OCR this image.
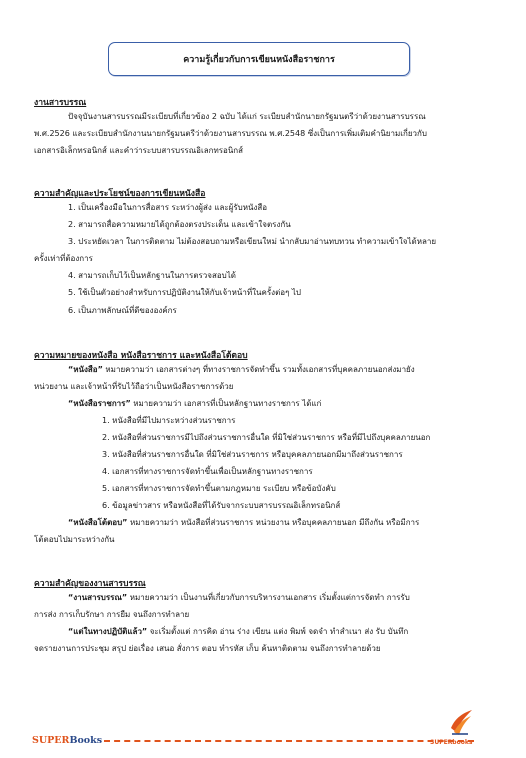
ความรู้เกี่ยวกับการเขียนหนังสือราชการ
งานสารบรรณ
ปัจจุบันงานสารบรรณมีระเบียบที่เกี่ยวข้อง 2 ฉบับ ได้แก่ ระเบียบสำนักนายกรัฐมนตรีว่าด้วยงานสารบรรณ
พ.ศ.2526 และระเบียบสำนักงานนายกรัฐมนตรีว่าด้วยงานสารบรรณ พ.ศ.2548 ซึ่งเป็นการเพิ่มเติมคำนิยามเกี่ยวกับ
เอกสารอิเล็กทรอนิกส์ และคำว่าระบบสารบรรณอิเลกทรอนิกส์
ความสำคัญและประโยชน์ของการเขียนหนังสือ
1. เป็นเครื่องมือในการสื่อสาร ระหว่างผู้ส่ง และผู้รับหนังสือ
2. สามารถสื่อความหมายได้ถูกต้องตรงประเด็น และเข้าใจตรงกัน
3. ประหยัดเวลา ในการติดตาม ไม่ต้องสอบถามหรือเขียนใหม่ นำกลับมาอ่านทบทวน ทำความเข้าใจได้หลาย
ครั้งเท่าที่ต้องการ
4. สามารถเก็บไว้เป็นหลักฐานในการตรวจสอบได้
5. ใช้เป็นตัวอย่างสำหรับการปฏิบัติงานให้กับเจ้าหน้าที่ในครั้งต่อๆ ไป
6. เป็นภาพลักษณ์ที่ดีขององค์กร
ความหมายของหนังสือ หนังสือราชการ และหนังสือโต้ตอบ
“หนังสือ” หมายความว่า เอกสารต่างๆ ที่ทางราชการจัดทำขึ้น รวมทั้งเอกสารที่บุคคลภายนอกส่งมายัง
หน่วยงาน และเจ้าหน้าที่รับไว้ถือว่าเป็นหนังสือราชการด้วย
“หนังสือราชการ” หมายความว่า เอกสารที่เป็นหลักฐานทางราชการ ได้แก่
1. หนังสือที่มีไปมาระหว่างส่วนราชการ
2. หนังสือที่ส่วนราชการมีไปถึงส่วนราชการอื่นใด ที่มิใช่ส่วนราชการ หรือที่มีไปถึงบุคคลภายนอก
3. หนังสือที่ส่วนราชการอื่นใด ที่มิใช่ส่วนราชการ หรือบุคคลภายนอกมีมาถึงส่วนราชการ
4. เอกสารที่ทางราชการจัดทำขึ้นเพื่อเป็นหลักฐานทางราชการ
5. เอกสารที่ทางราชการจัดทำขึ้นตามกฎหมาย ระเบียบ หรือข้อบังคับ
6. ข้อมูลข่าวสาร หรือหนังสือที่ได้รับจากระบบสารบรรณอิเล็กทรอนิกส์
“หนังสือโต้ตอบ” หมายความว่า หนังสือที่ส่วนราชการ หน่วยงาน หรือบุคคลภายนอก มีถึงกัน หรือมีการ
โต้ตอบไปมาระหว่างกัน
ความสำคัญของงานสารบรรณ
“งานสารบรรณ” หมายความว่า เป็นงานที่เกี่ยวกับการบริหารงานเอกสาร เริ่มตั้งแต่การจัดทำ การรับ
การส่ง การเก็บรักษา การยืม จนถึงการทำลาย
“แต่ในทางปฏิบัติแล้ว” จะเริ่มตั้งแต่ การคิด อ่าน ร่าง เขียน แต่ง พิมพ์ จดจำ ทำสำเนา ส่ง รับ บันทึก
จดรายงานการประชุม สรุป ย่อเรื่อง เสนอ สั่งการ ตอบ ทำรหัส เก็บ ค้นหาติดตาม จนถึงการทำลายด้วย
SUPERBooks	SUPERbooks
